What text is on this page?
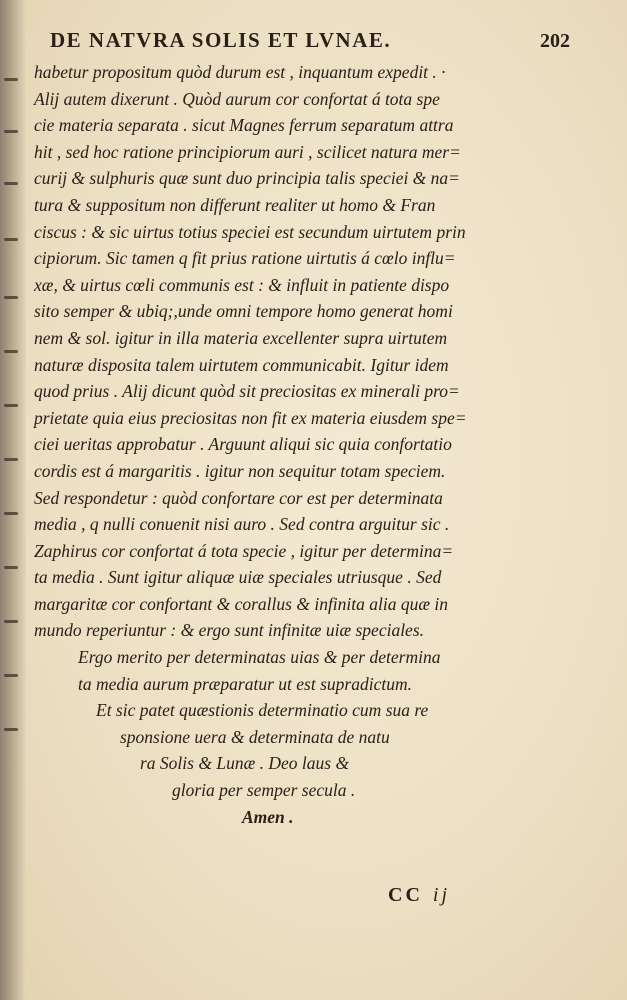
DE NATVRA SOLIS ET LVNAE.	202
habetur propositum quòd durum est , inquantum expedit . ·
Alij autem dixerunt . Quòd aurum cor confortat á tota spe
cie materia separata . sicut Magnes ferrum separatum attra
hit , sed hoc ratione principiorum auri , scilicet natura mer=
curij & sulphuris quæ sunt duo principia talis speciei & na=
tura & suppositum non differunt realiter ut homo & Fran
ciscus : & sic uirtus totius speciei est secundum uirtutem prin
cipiorum. Sic tamen q fit prius ratione uirtutis á cœlo influ=
xæ, & uirtus cœli communis est : & influit in patiente dispo
sito semper & ubiq;,unde omni tempore homo generat homi
nem & sol. igitur in illa materia excellenter supra uirtutem
naturæ disposita talem uirtutem communicabit. Igitur idem
quod prius . Alij dicunt quòd sit preciositas ex minerali pro=
prietate quia eius preciositas non fit ex materia eiusdem spe=
ciei ueritas approbatur . Arguunt aliqui sic quia confortatio
cordis est á margaritis . igitur non sequitur totam speciem.
Sed respondetur : quòd confortare cor est per determinata
media , q nulli conuenit nisi auro . Sed contra arguitur sic .
Zaphirus cor confortat á tota specie , igitur per determina=
ta media . Sunt igitur aliquæ uiæ speciales utriusque . Sed
margaritæ cor confortant & corallus & infinita alia quæ in
mundo reperiuntur : & ergo sunt infinitæ uiæ speciales.
Ergo merito per determinatas uias & per determina
ta media aurum præparatur ut est supradictum.
Et sic patet quæstionis determinatio cum sua re
sponsione uera & determinata de natu
ra Solis & Lunæ . Deo laus &
gloria per semper secula .
Amen .
CC ij
